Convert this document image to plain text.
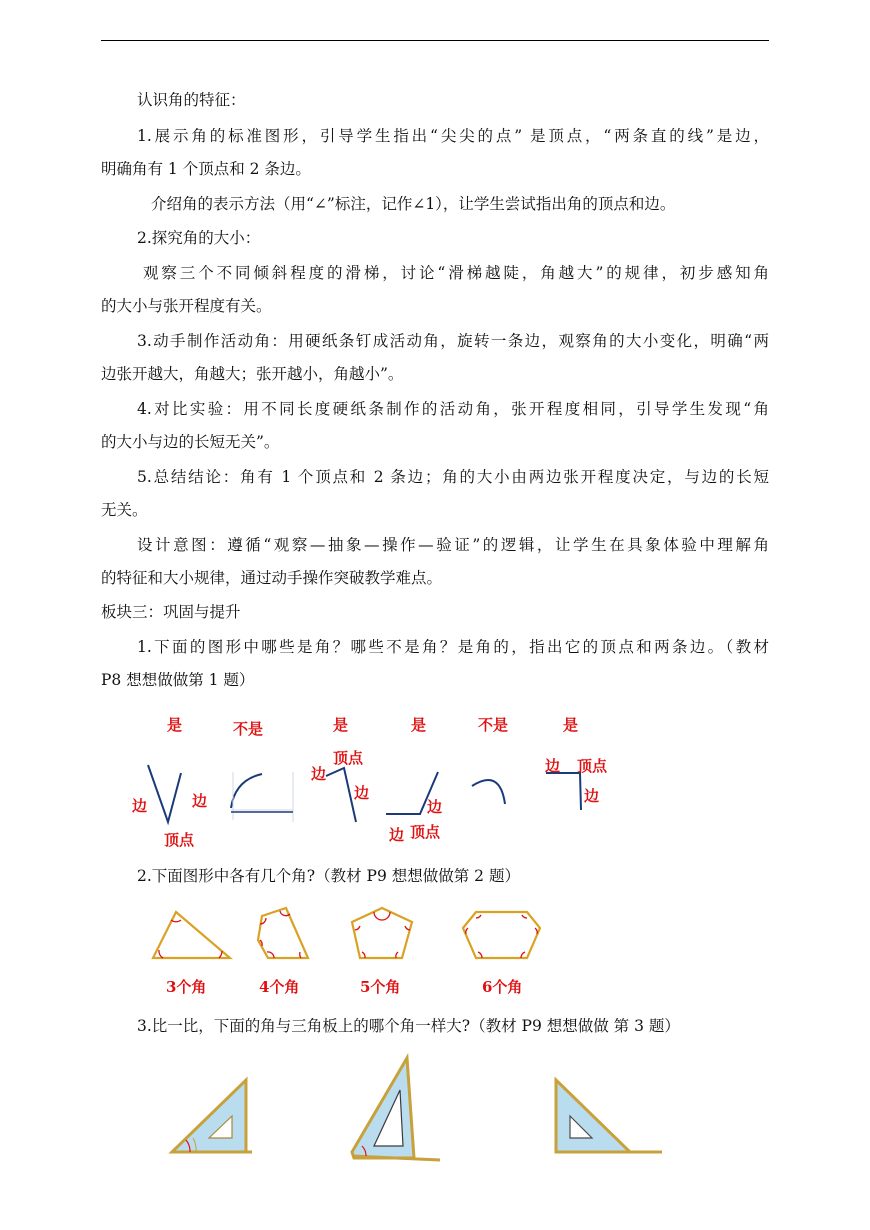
认识角的特征：
1.展示角的标准图形，引导学生指出“尖尖的点” 是顶点，“两条直的线”是边，
明确角有 1 个顶点和 2 条边。
介绍角的表示方法（用“∠”标注，记作∠1），让学生尝试指出角的顶点和边。
2.探究角的大小：
观察三个不同倾斜程度的滑梯，讨论“滑梯越陡，角越大”的规律，初步感知角
的大小与张开程度有关。
3.动手制作活动角：用硬纸条钉成活动角，旋转一条边，观察角的大小变化，明确“两
边张开越大，角越大；张开越小，角越小”。
4.对比实验：用不同长度硬纸条制作的活动角，张开程度相同，引导学生发现“角
的大小与边的长短无关”。
5.总结结论：角有 1 个顶点和 2 条边；角的大小由两边张开程度决定，与边的长短
无关。
设计意图：遵循“观察—抽象—操作—验证”的逻辑，让学生在具象体验中理解角
的特征和大小规律，通过动手操作突破教学难点。
板块三：巩固与提升
1.下面的图形中哪些是角？哪些不是角？是角的，指出它的顶点和两条边。（教材
P8 想想做做第 1 题）
是	不是	是	是	不是	是
边	边
顶点
边
顶点
边
边
边 顶点
边 顶点
边
2.下面图形中各有几个角?（教材 P9 想想做做第 2 题）
3个角	4个角	5个角	6个角
3.比一比，下面的角与三角板上的哪个角一样大?（教材 P9 想想做做 第 3 题）
